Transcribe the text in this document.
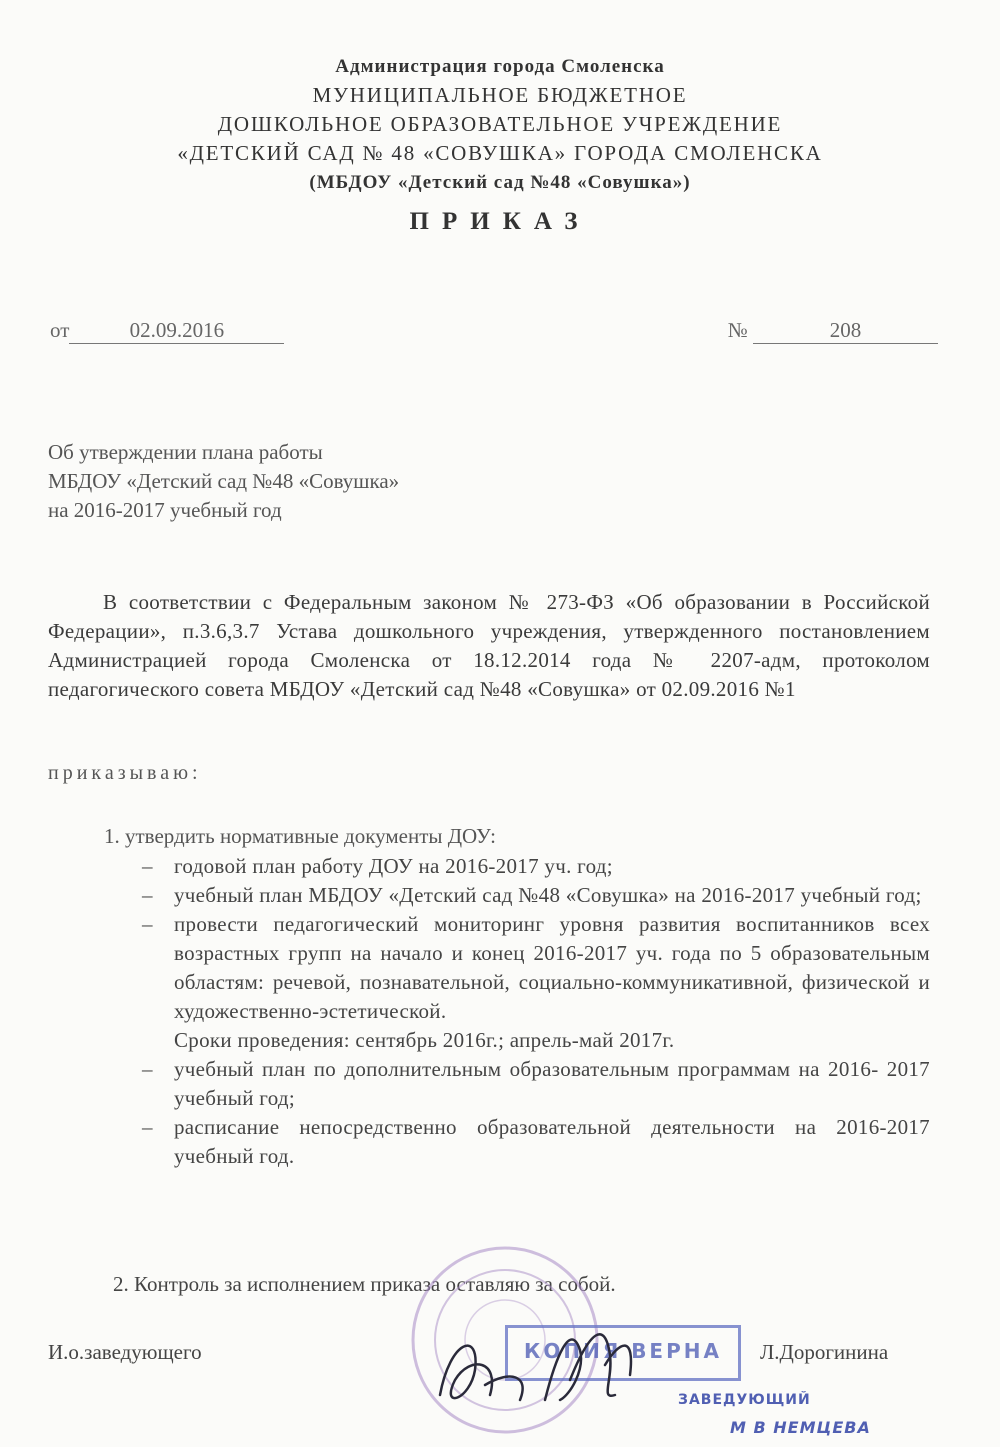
Администрация города Смоленска
МУНИЦИПАЛЬНОЕ БЮДЖЕТНОЕ
ДОШКОЛЬНОЕ ОБРАЗОВАТЕЛЬНОЕ УЧРЕЖДЕНИЕ
«ДЕТСКИЙ САД № 48 «СОВУШКА» ГОРОДА СМОЛЕНСКА
(МБДОУ «Детский сад №48 «Совушка»)
ПРИКАЗ
от	02.09.2016	№	208
Об утверждении плана работы
МБДОУ «Детский сад №48 «Совушка»
на 2016-2017 учебный год
В соответствии с Федеральным законом № 273-ФЗ «Об образовании в Российской Федерации», п.3.6,3.7 Устава дошкольного учреждения, утвержденного постановлением Администрацией города Смоленска от 18.12.2014 года № 2207-адм, протоколом педагогического совета МБДОУ «Детский сад №48 «Совушка» от 02.09.2016 №1
приказываю:
1. утвердить нормативные документы ДОУ:
– годовой план работу ДОУ на 2016-2017 уч. год;
– учебный план МБДОУ «Детский сад №48 «Совушка» на 2016-2017 учебный год;
– провести педагогический мониторинг уровня развития воспитанников всех возрастных групп на начало и конец 2016-2017 уч. года по 5 образовательным областям: речевой, познавательной, социально-коммуникативной, физической и художественно-эстетической.
Сроки проведения: сентябрь 2016г.; апрель-май 2017г.
– учебный план по дополнительным образовательным программам на 2016- 2017 учебный год;
– расписание непосредственно образовательной деятельности на 2016-2017 учебный год.
2. Контроль за исполнением приказа оставляю за собой.
КОПИЯ ВЕРНА
И.о.заведующего	Л.Дорогинина
ЗАВЕДУЮЩИЙ
М В НЕМЦЕВА
